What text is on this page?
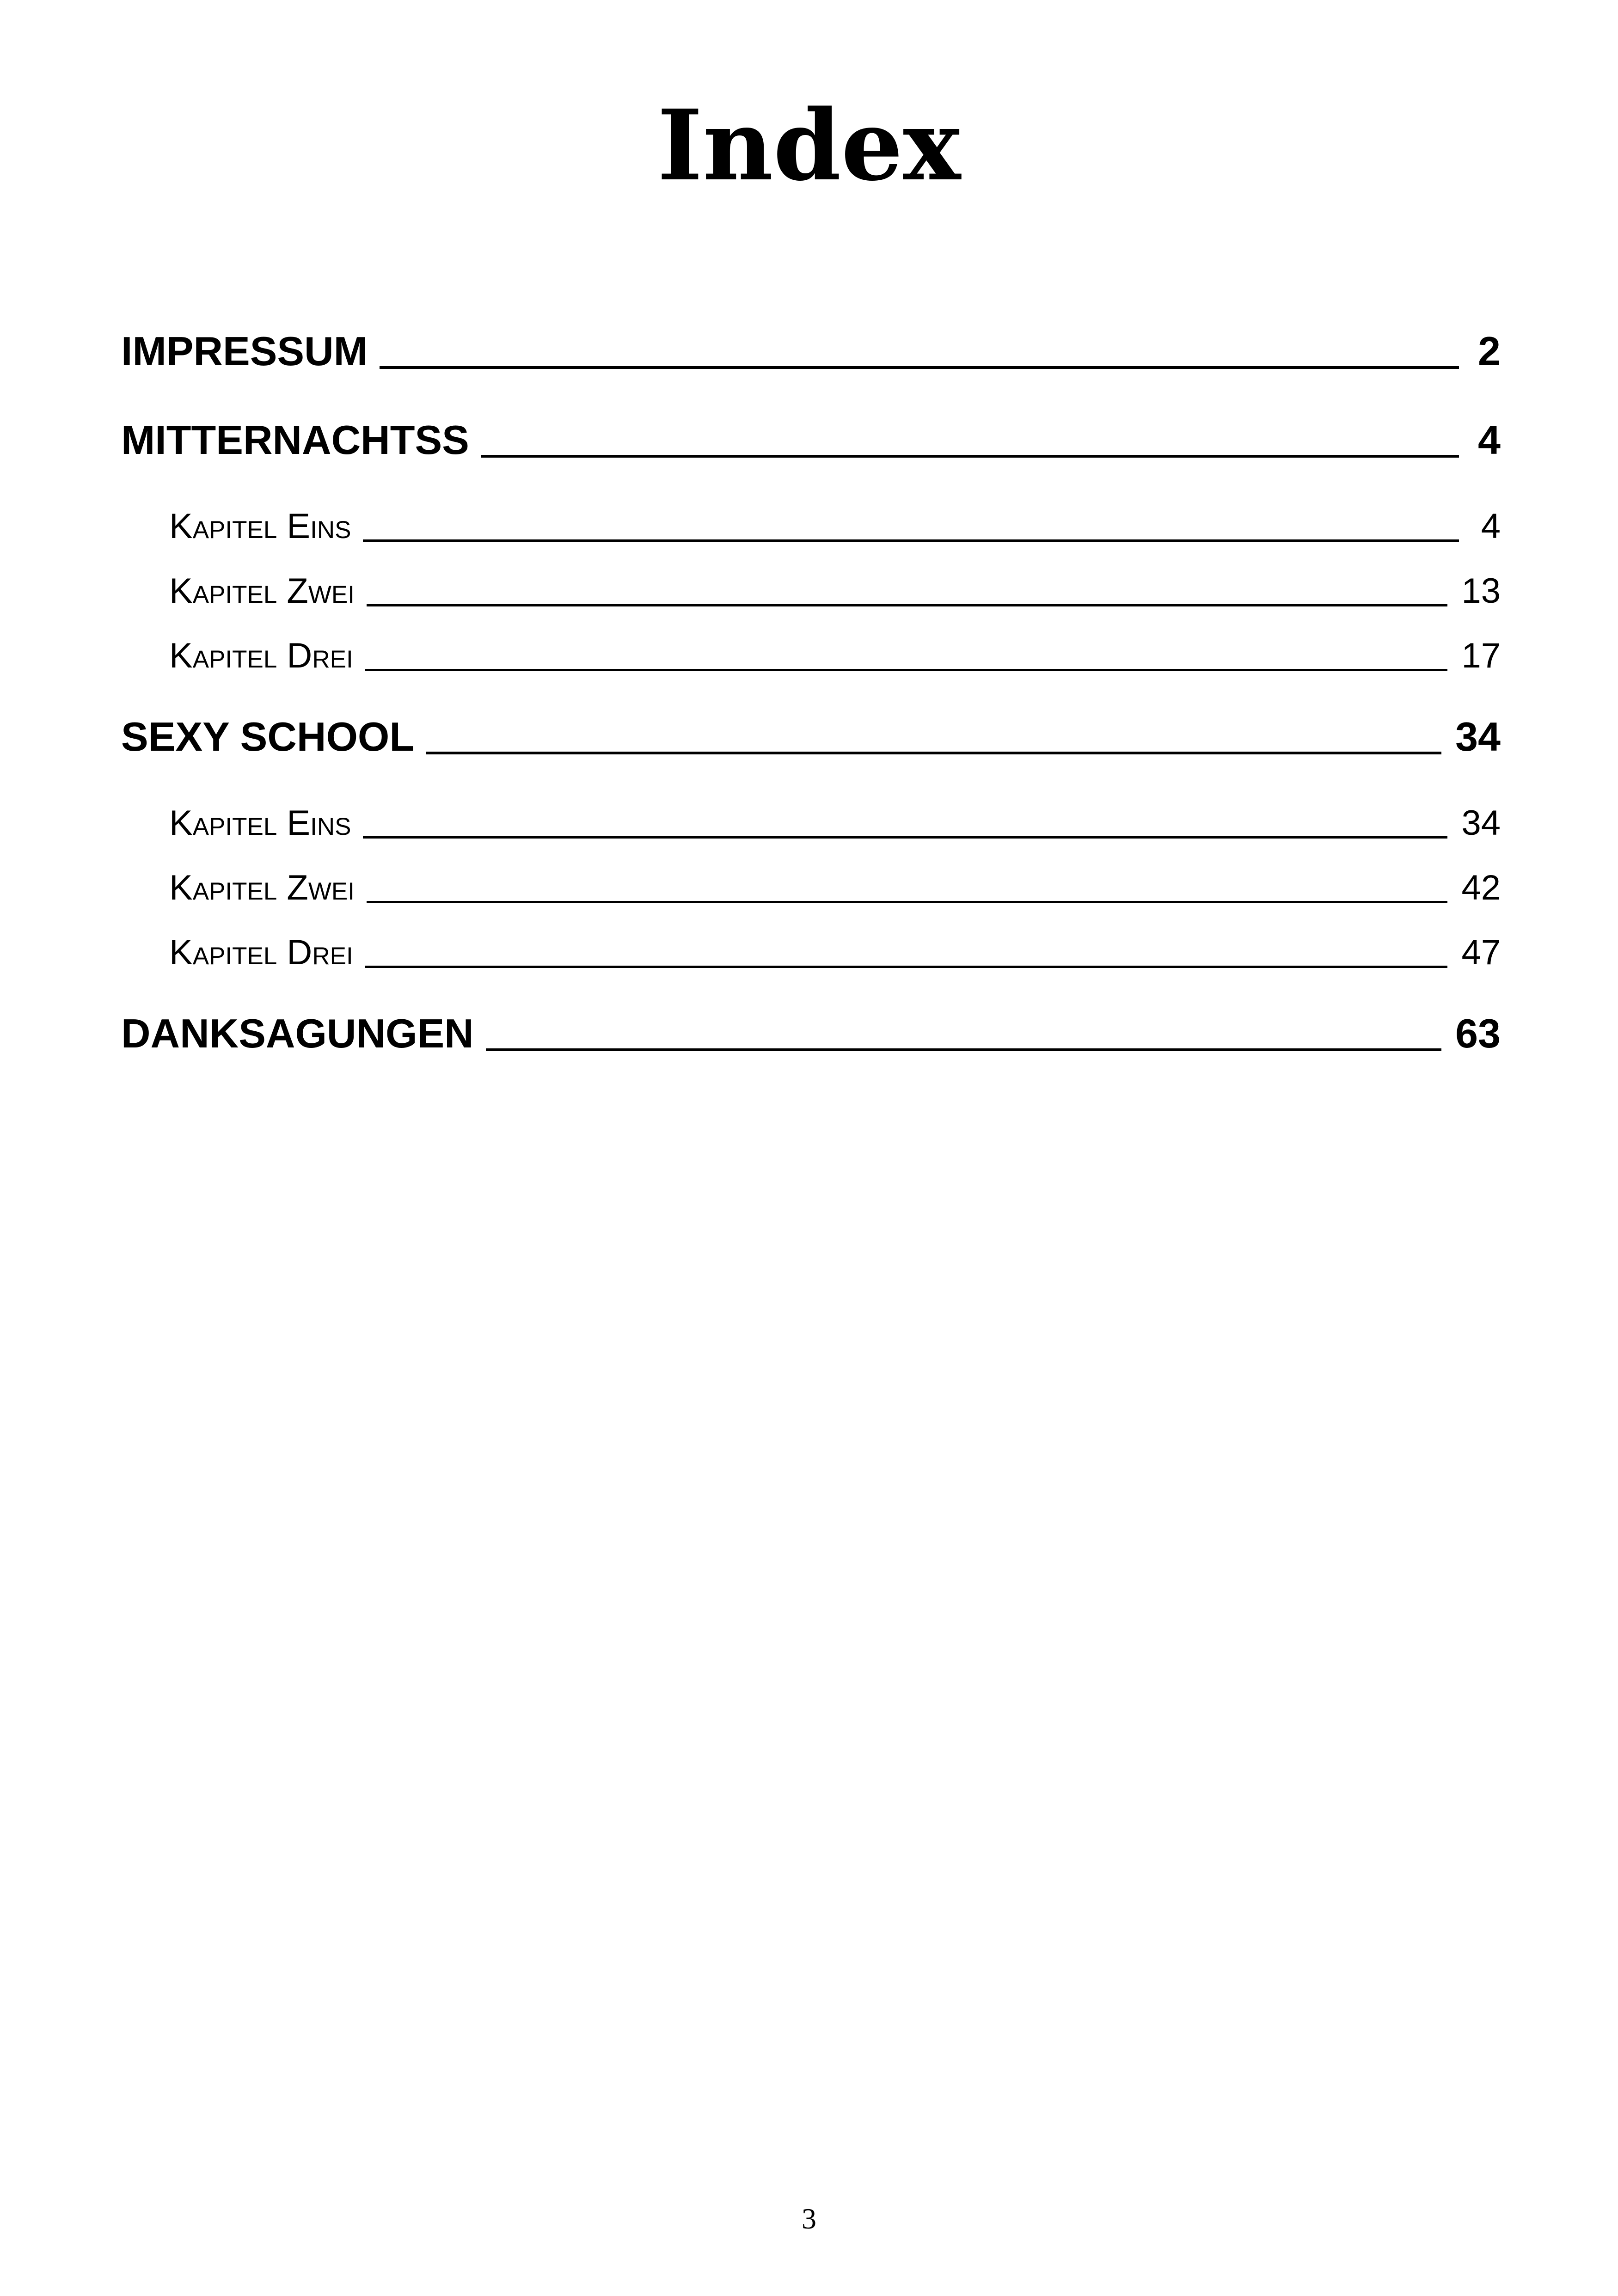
Index
IMPRESSUM	2
MITTERNACHTSS	4
Kapitel Eins	4
Kapitel Zwei	13
Kapitel Drei	17
SEXY SCHOOL	34
Kapitel Eins	34
Kapitel Zwei	42
Kapitel Drei	47
DANKSAGUNGEN	63
3
